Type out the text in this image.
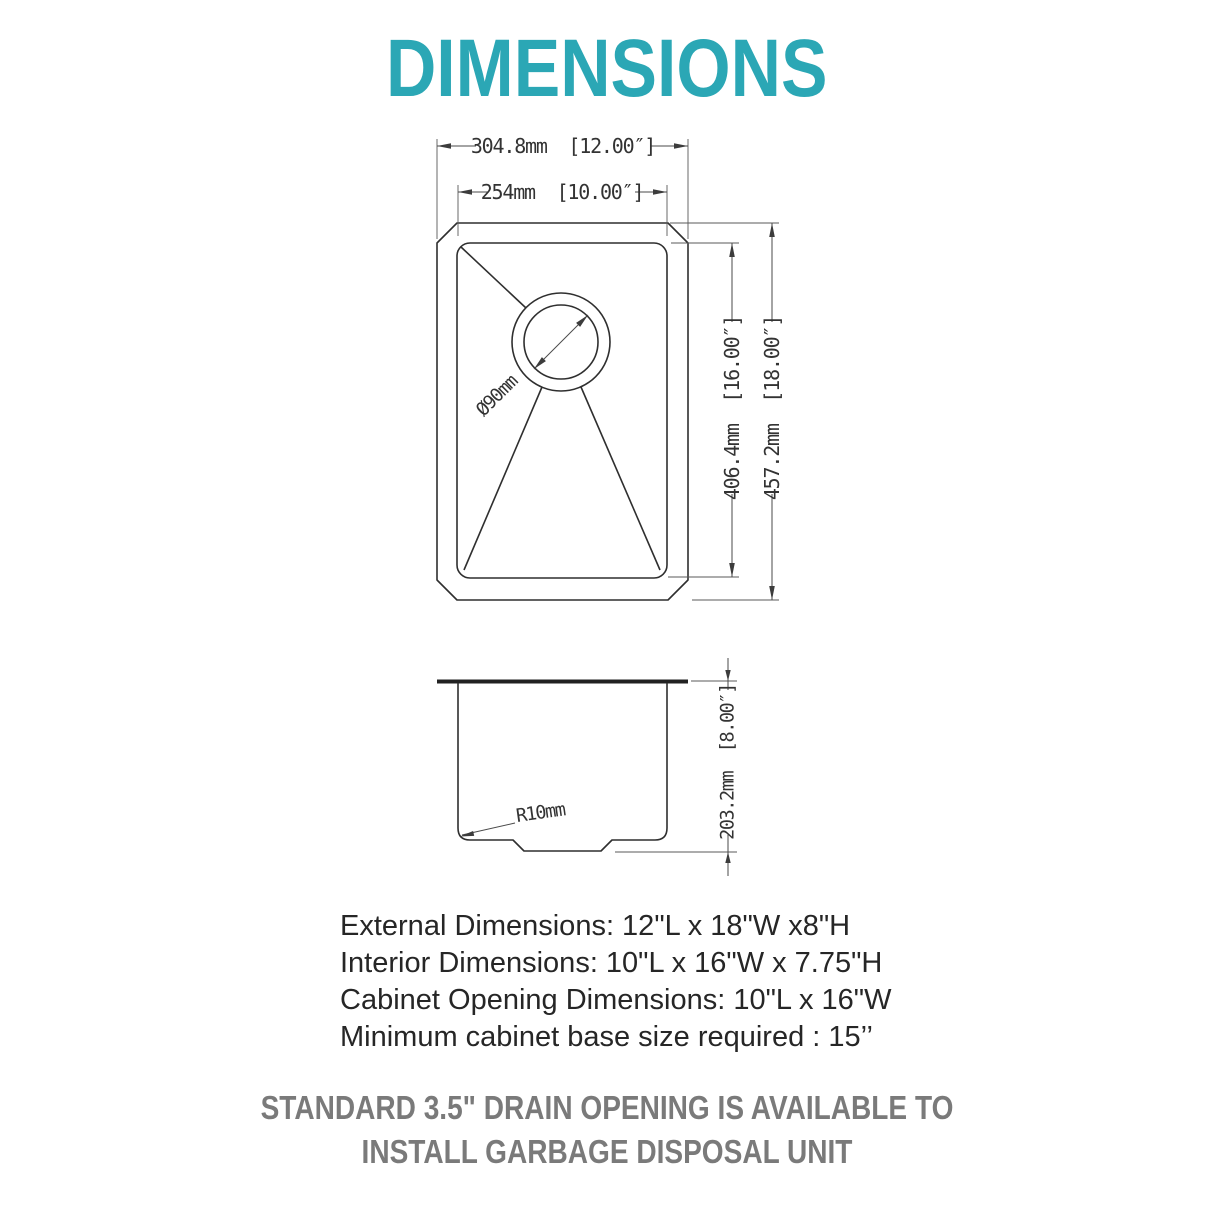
DIMENSIONS
Ø90mm
304.8mm  [12.00″]
254mm  [10.00″]
406.4mm  [16.00″] 457.2mm  [18.00″]
R10mm	203.2mm  [8.00″]
External Dimensions: 12"L x 18"W x8"H
Interior Dimensions: 10"L x 16"W x 7.75"H
Cabinet Opening Dimensions: 10"L x 16"W
Minimum cabinet base size required : 15’’
STANDARD 3.5" DRAIN OPENING IS AVAILABLE TO
INSTALL GARBAGE DISPOSAL UNIT
